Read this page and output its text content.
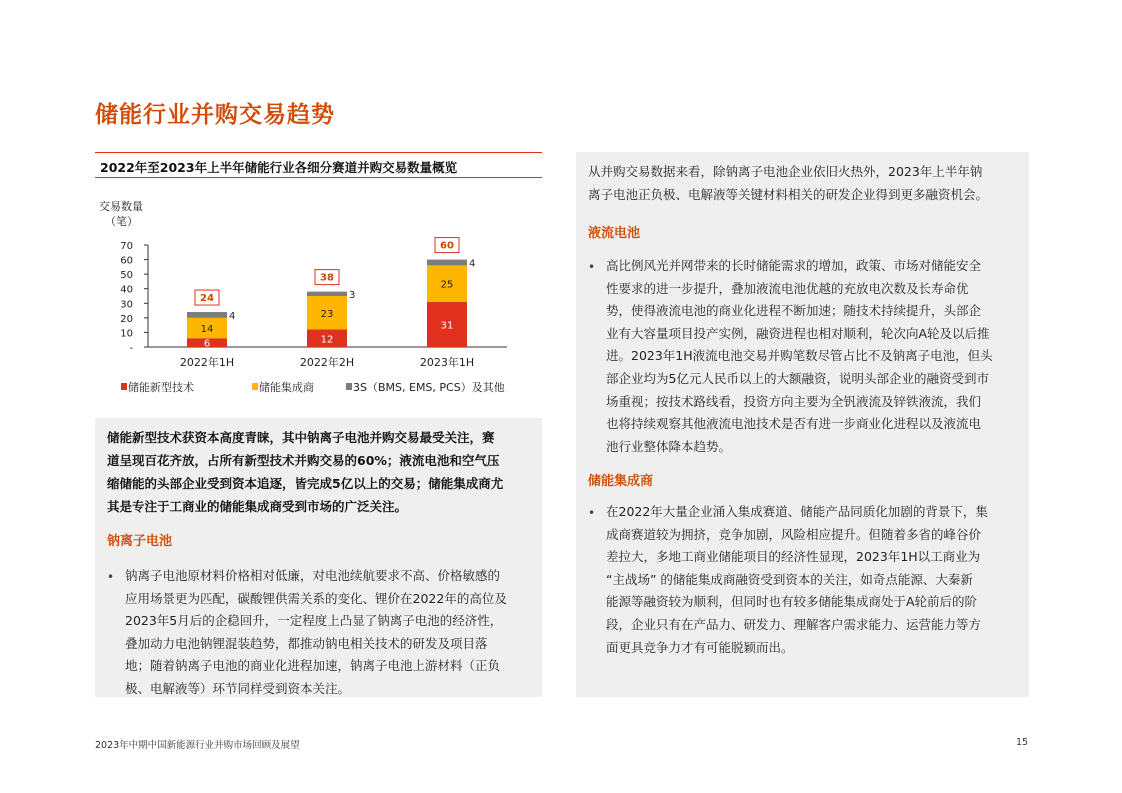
储能行业并购交易趋势
2022年至2023年上半年储能行业各细分赛道并购交易数量概览
交易数量
（笔）
70
60
50
40
30
20
10
-	6
14
4
24
2022年1H
12
23
3
38
2022年2H
31
25
4
60
2023年1H
储能新型技术	储能集成商	3S（BMS, EMS, PCS）及其他
储能新型技术获资本高度青睐，其中钠离子电池并购交易最受关注，赛
道呈现百花齐放，占所有新型技术并购交易的60%；液流电池和空气压
缩储能的头部企业受到资本追逐，皆完成5亿以上的交易；储能集成商尤
其是专注于工商业的储能集成商受到市场的广泛关注。
钠离子电池
• 钠离子电池原材料价格相对低廉，对电池续航要求不高、价格敏感的
应用场景更为匹配，碳酸锂供需关系的变化、锂价在2022年的高位及
2023年5月后的企稳回升，一定程度上凸显了钠离子电池的经济性，
叠加动力电池钠锂混装趋势，都推动钠电相关技术的研发及项目落
地；随着钠离子电池的商业化进程加速，钠离子电池上游材料（正负
极、电解液等）环节同样受到资本关注。
从并购交易数据来看，除钠离子电池企业依旧火热外，2023年上半年钠
离子电池正负极、电解液等关键材料相关的研发企业得到更多融资机会。
液流电池
• 高比例风光并网带来的长时储能需求的增加，政策、市场对储能安全
性要求的进一步提升，叠加液流电池优越的充放电次数及长寿命优
势，使得液流电池的商业化进程不断加速；随技术持续提升，头部企
业有大容量项目投产实例，融资进程也相对顺利，轮次向A轮及以后推
进。2023年1H液流电池交易并购笔数尽管占比不及钠离子电池，但头
部企业均为5亿元人民币以上的大额融资，说明头部企业的融资受到市
场重视；按技术路线看，投资方向主要为全钒液流及锌铁液流，我们
也将持续观察其他液流电池技术是否有进一步商业化进程以及液流电
池行业整体降本趋势。
储能集成商
• 在2022年大量企业涌入集成赛道、储能产品同质化加剧的背景下，集
成商赛道较为拥挤，竞争加剧，风险相应提升。但随着多省的峰谷价
差拉大，多地工商业储能项目的经济性显现，2023年1H以工商业为
“主战场” 的储能集成商融资受到资本的关注，如奇点能源、大秦新
能源等融资较为顺利，但同时也有较多储能集成商处于A轮前后的阶
段，企业只有在产品力、研发力、理解客户需求能力、运营能力等方
面更具竞争力才有可能脱颖而出。
2023年中期中国新能源行业并购市场回顾及展望	15
